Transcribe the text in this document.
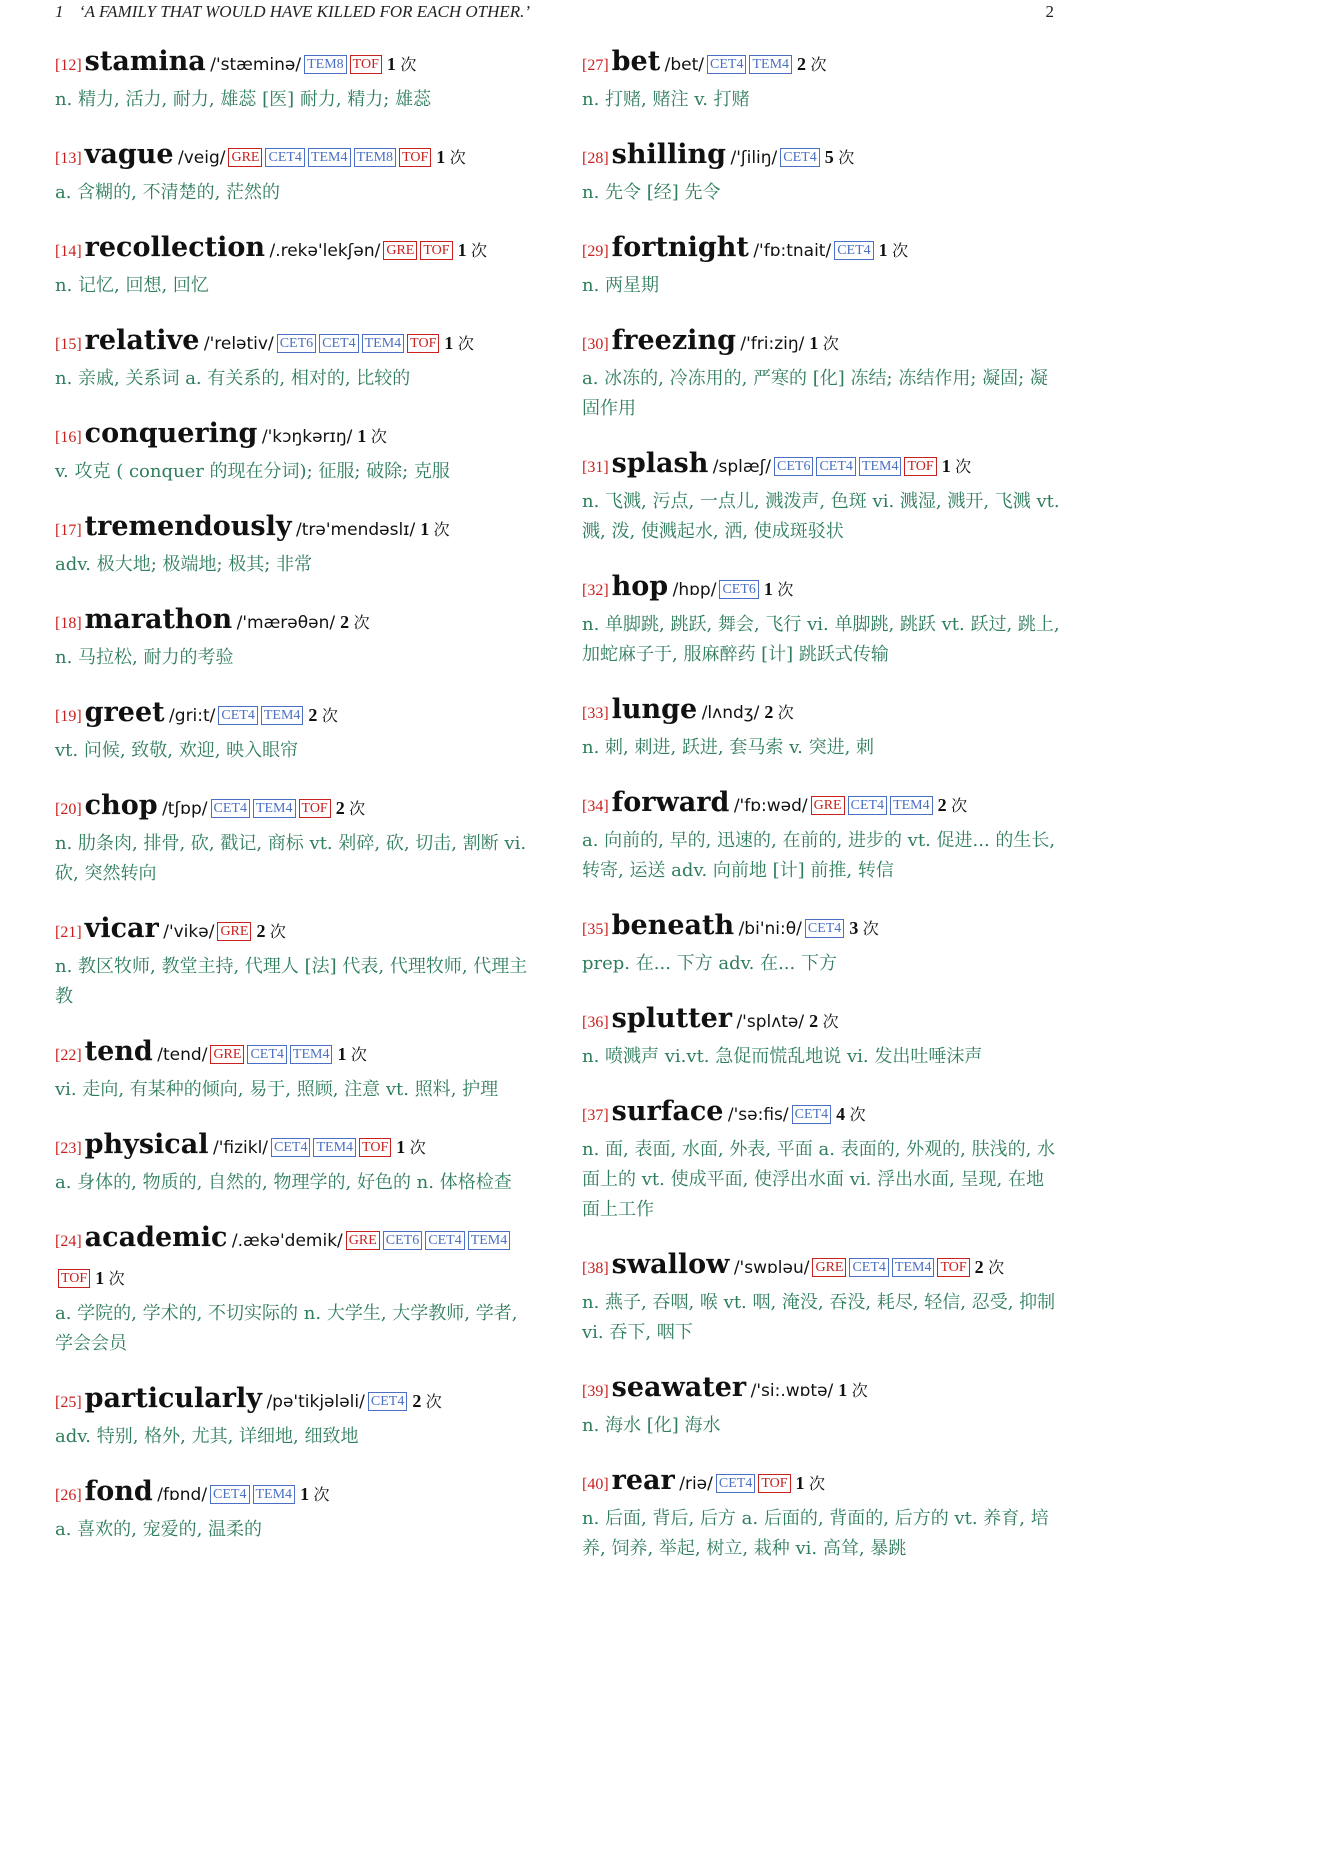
1 ‘A FAMILY THAT WOULD HAVE KILLED FOR EACH OTHER.’	2
[12] stamina /'stæminə/ TEM8 TOF 1 次
n. 精力, 活力, 耐力, 雄蕊 [医] 耐力, 精力; 雄蕊
[13] vague /veig/ GRE CET4 TEM4 TEM8 TOF 1 次
a. 含糊的, 不清楚的, 茫然的
[14] recollection /.rekə'lekʃən/ GRE TOF 1 次
n. 记忆, 回想, 回忆
[15] relative /'relətiv/ CET6 CET4 TEM4 TOF 1 次
n. 亲戚, 关系词 a. 有关系的, 相对的, 比较的
[16] conquering /'kɔŋkərɪŋ/ 1 次
v. 攻克 ( conquer 的现在分词); 征服; 破除; 克服
[17] tremendously /trə'mendəslɪ/ 1 次
adv. 极大地; 极端地; 极其; 非常
[18] marathon /'mærəθən/ 2 次
n. 马拉松, 耐力的考验
[19] greet /gri:t/ CET4 TEM4 2 次
vt. 问候, 致敬, 欢迎, 映入眼帘
[20] chop /tʃɒp/ CET4 TEM4 TOF 2 次
n. 肋条肉, 排骨, 砍, 戳记, 商标 vt. 剁碎, 砍, 切击, 割断 vi. 砍, 突然转向
[21] vicar /'vikə/ GRE 2 次
n. 教区牧师, 教堂主持, 代理人 [法] 代表, 代理牧师, 代理主教
[22] tend /tend/ GRE CET4 TEM4 1 次
vi. 走向, 有某种的倾向, 易于, 照顾, 注意 vt. 照料, 护理
[23] physical /'fizikl/ CET4 TEM4 TOF 1 次
a. 身体的, 物质的, 自然的, 物理学的, 好色的 n. 体格检查
[24] academic /.ækə'demik/ GRE CET6 CET4 TEM4TOF 1 次
a. 学院的, 学术的, 不切实际的 n. 大学生, 大学教师, 学者, 学会会员
[25] particularly /pə'tikjələli/ CET4 2 次
adv. 特别, 格外, 尤其, 详细地, 细致地
[26] fond /fɒnd/ CET4 TEM4 1 次
a. 喜欢的, 宠爱的, 温柔的
[27] bet /bet/ CET4 TEM4 2 次
n. 打赌, 赌注 v. 打赌
[28] shilling /'ʃiliŋ/ CET4 5 次
n. 先令 [经] 先令
[29] fortnight /'fɒ:tnait/ CET4 1 次
n. 两星期
[30] freezing /'fri:ziŋ/ 1 次
a. 冰冻的, 冷冻用的, 严寒的 [化] 冻结; 冻结作用; 凝固; 凝固作用
[31] splash /splæʃ/ CET6 CET4 TEM4 TOF 1 次
n. 飞溅, 污点, 一点儿, 溅泼声, 色斑 vi. 溅湿, 溅开, 飞溅 vt. 溅, 泼, 使溅起水, 洒, 使成斑驳状
[32] hop /hɒp/ CET6 1 次
n. 单脚跳, 跳跃, 舞会, 飞行 vi. 单脚跳, 跳跃 vt. 跃过, 跳上, 加蛇麻子于, 服麻醉药 [计] 跳跃式传输
[33] lunge /lʌndʒ/ 2 次
n. 刺, 刺进, 跃进, 套马索 v. 突进, 刺
[34] forward /'fɒ:wəd/ GRE CET4 TEM4 2 次
a. 向前的, 早的, 迅速的, 在前的, 进步的 vt. 促进... 的生长, 转寄, 运送 adv. 向前地 [计] 前推, 转信
[35] beneath /bi'ni:θ/ CET4 3 次
prep. 在... 下方 adv. 在... 下方
[36] splutter /'splʌtə/ 2 次
n. 喷溅声 vi.vt. 急促而慌乱地说 vi. 发出吐唾沫声
[37] surface /'sə:fis/ CET4 4 次
n. 面, 表面, 水面, 外表, 平面 a. 表面的, 外观的, 肤浅的, 水面上的 vt. 使成平面, 使浮出水面 vi. 浮出水面, 呈现, 在地面上工作
[38] swallow /'swɒləu/ GRE CET4 TEM4 TOF 2 次
n. 燕子, 吞咽, 喉 vt. 咽, 淹没, 吞没, 耗尽, 轻信, 忍受, 抑制 vi. 吞下, 咽下
[39] seawater /'si:.wɒtə/ 1 次
n. 海水 [化] 海水
[40] rear /riə/ CET4 TOF 1 次
n. 后面, 背后, 后方 a. 后面的, 背面的, 后方的 vt. 养育, 培养, 饲养, 举起, 树立, 栽种 vi. 高耸, 暴跳
